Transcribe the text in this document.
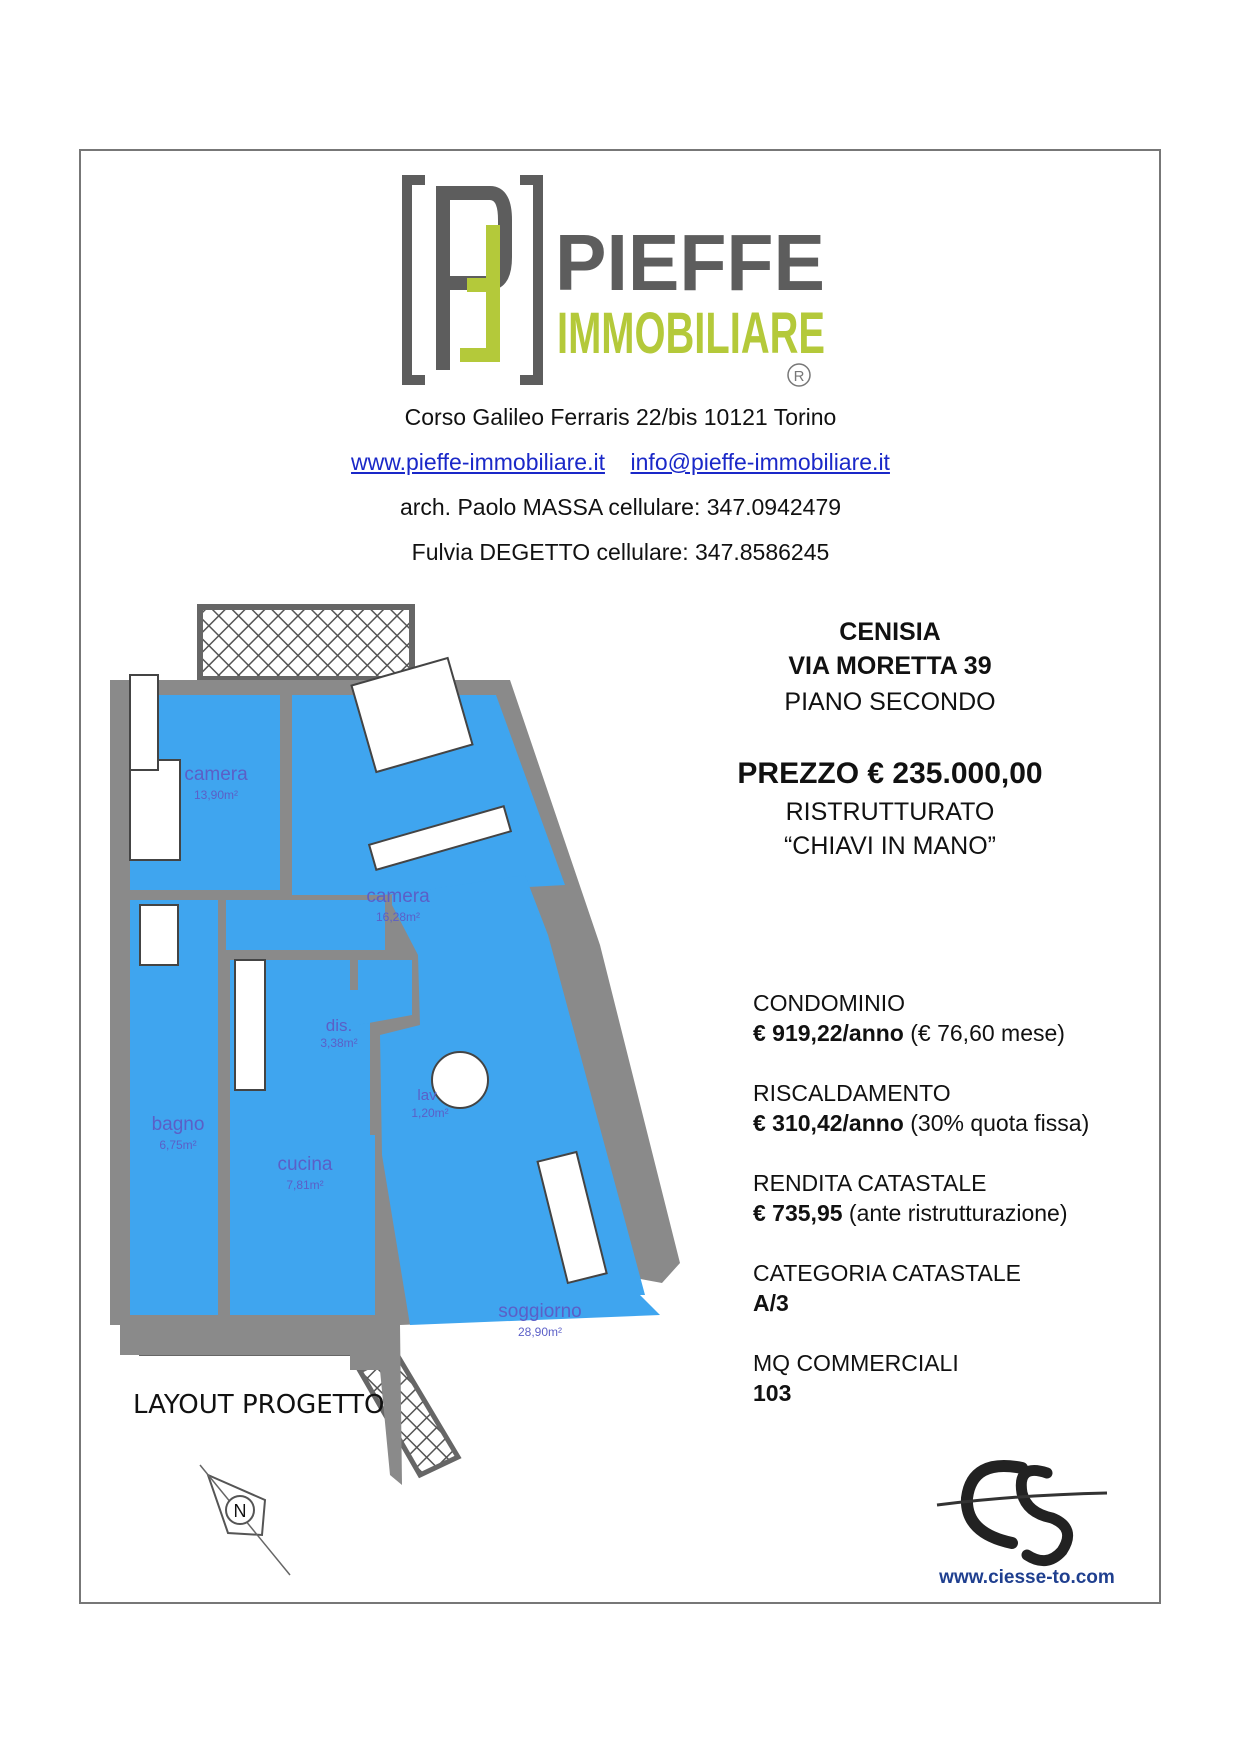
PIEFFE
IMMOBILIARE
R
Corso Galileo Ferraris 22/bis 10121 Torino
www.pieffe-immobiliare.it info@pieffe-immobiliare.it
arch. Paolo MASSA cellulare: 347.0942479
Fulvia DEGETTO cellulare: 347.8586245
CENISIA
VIA MORETTA 39
PIANO SECONDO
PREZZO € 235.000,00
RISTRUTTURATO
“CHIAVI IN MANO”
CONDOMINIO
€ 919,22/anno (€ 76,60 mese)
RISCALDAMENTO
€ 310,42/anno (30% quota fissa)
RENDITA CATASTALE
€ 735,95 (ante ristrutturazione)
CATEGORIA CATASTALE
A/3
MQ COMMERCIALI
103
camera
13,90m²
camera
16,28m²
dis.
3,38m²
bagno
6,75m²
lav
1,20m²
cucina
7,81m²
soggiorno
28,90m²
LAYOUT PROGETTO
N
www.ciesse-to.com
